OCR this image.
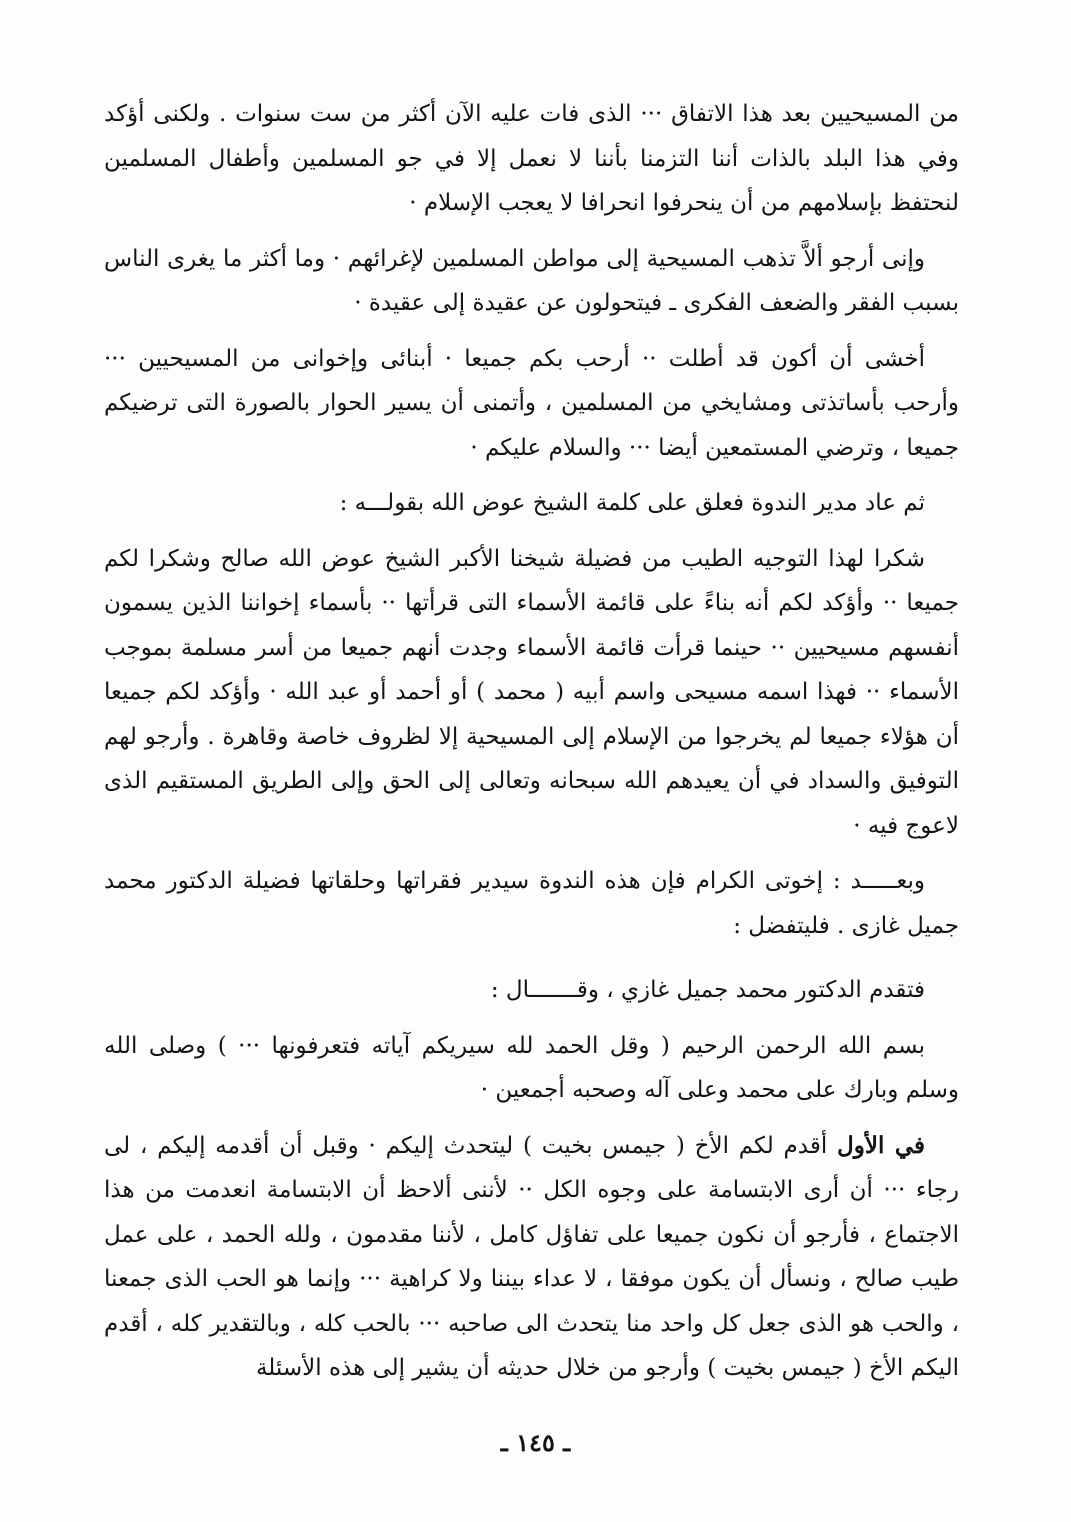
من المسيحيين بعد هذا الاتفاق ··· الذى فات عليه الآن أكثر من ست سنوات . ولكنى أؤكد وفي هذا البلد بالذات أننا التزمنا بأننا لا نعمل إلا في جو المسلمين وأطفال المسلمين لنحتفظ بإسلامهم من أن ينحرفوا انحرافا لا يعجب الإسلام ·

وإنى أرجو ألاَّ تذهب المسيحية إلى مواطن المسلمين لإغرائهم · وما أكثر ما يغرى الناس بسبب الفقر والضعف الفكرى ـ فيتحولون عن عقيدة إلى عقيدة ·

أخشى أن أكون قد أطلت ·· أرحب بكم جميعا · أبنائى وإخوانى من المسيحيين ··· وأرحب بأساتذتى ومشايخي من المسلمين ، وأتمنى أن يسير الحوار بالصورة التى ترضيكم جميعا ، وترضي المستمعين أيضا ··· والسلام عليكم ·

ثم عاد مدير الندوة فعلق على كلمة الشيخ عوض الله بقولـــه :

شكرا لهذا التوجيه الطيب من فضيلة شيخنا الأكبر الشيخ عوض الله صالح وشكرا لكم جميعا ·· وأؤكد لكم أنه بناءً على قائمة الأسماء التى قرأتها ·· بأسماء إخواننا الذين يسمون أنفسهم مسيحيين ·· حينما قرأت قائمة الأسماء وجدت أنهم جميعا من أسر مسلمة بموجب الأسماء ·· فهذا اسمه مسيحى واسم أبيه ( محمد ) أو أحمد أو عبد الله · وأؤكد لكم جميعا أن هؤلاء جميعا لم يخرجوا من الإسلام إلى المسيحية إلا لظروف خاصة وقاهرة . وأرجو لهم التوفيق والسداد في أن يعيدهم الله سبحانه وتعالى إلى الحق وإلى الطريق المستقيم الذى لاعوج فيه ·

وبعـــــد : إخوتى الكرام فإن هذه الندوة سيدير فقراتها وحلقاتها فضيلة الدكتور محمد جميل غازى . فليتفضل :

فتقدم الدكتور محمد جميل غازي ، وقـــــــال :

بسم الله الرحمن الرحيم ( وقل الحمد لله سيريكم آياته فتعرفونها ··· ) وصلى الله وسلم وبارك على محمد وعلى آله وصحبه أجمعين ·

في الأول أقدم لكم الأخ ( جيمس بخيت ) ليتحدث إليكم · وقبل أن أقدمه إليكم ، لى رجاء ··· أن أرى الابتسامة على وجوه الكل ·· لأننى ألاحظ أن الابتسامة انعدمت من هذا الاجتماع ، فأرجو أن نكون جميعا على تفاؤل كامل ، لأننا مقدمون ، ولله الحمد ، على عمل طيب صالح ، ونسأل أن يكون موفقا ، لا عداء بيننا ولا كراهية ··· وإنما هو الحب الذى جمعنا ، والحب هو الذى جعل كل واحد منا يتحدث الى صاحبه ··· بالحب كله ، وبالتقدير كله ، أقدم اليكم الأخ ( جيمس بخيت ) وأرجو من خلال حديثه أن يشير إلى هذه الأسئلة

ـ ١٤٥ ـ
